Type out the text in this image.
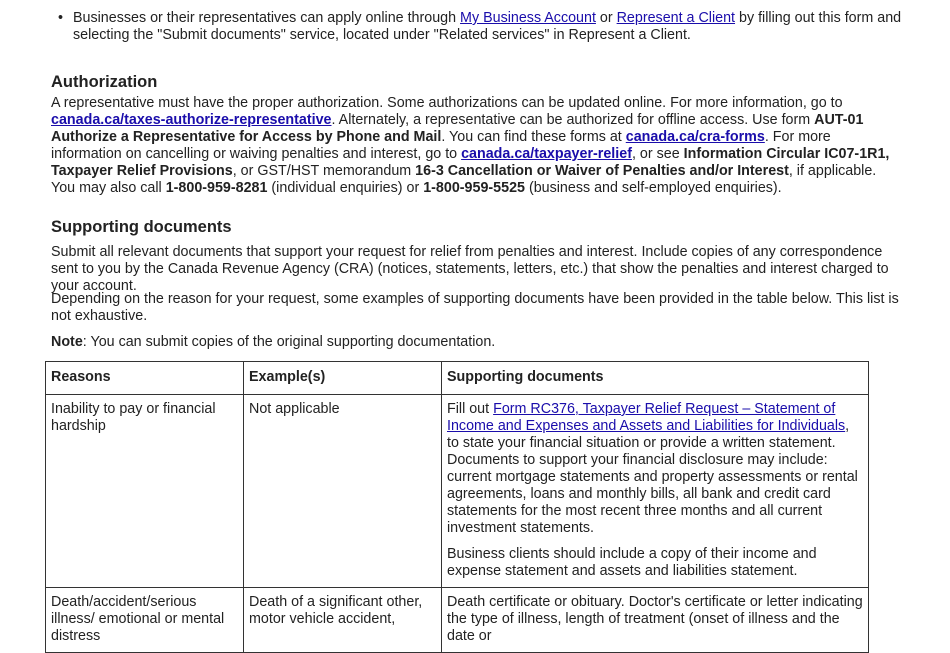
• Businesses or their representatives can apply online through My Business Account or Represent a Client by filling out this form and selecting the "Submit documents" service, located under "Related services" in Represent a Client.
Authorization

A representative must have the proper authorization. Some authorizations can be updated online. For more information, go to canada.ca/taxes-authorize-representative. Alternately, a representative can be authorized for offline access. Use form AUT-01 Authorize a Representative for Access by Phone and Mail. You can find these forms at canada.ca/cra-forms. For more information on cancelling or waiving penalties and interest, go to canada.ca/taxpayer-relief, or see Information Circular IC07-1R1, Taxpayer Relief Provisions, or GST/HST memorandum 16-3 Cancellation or Waiver of Penalties and/or Interest, if applicable. You may also call 1-800-959-8281 (individual enquiries) or 1-800-959-5525 (business and self-employed enquiries).

Supporting documents

Submit all relevant documents that support your request for relief from penalties and interest. Include copies of any correspondence sent to you by the Canada Revenue Agency (CRA) (notices, statements, letters, etc.) that show the penalties and interest charged to your account.

Depending on the reason for your request, some examples of supporting documents have been provided in the table below. This list is not exhaustive.

Note: You can submit copies of the original supporting documentation.

Reasons	Example(s)	Supporting documents
Inability to pay or financial hardship	Not applicable	Fill out Form RC376, Taxpayer Relief Request – Statement of Income and Expenses and Assets and Liabilities for Individuals, to state your financial situation or provide a written statement. Documents to support your financial disclosure may include: current mortgage statements and property assessments or rental agreements, loans and monthly bills, all bank and credit card statements for the most recent three months and all current investment statements.

Business clients should include a copy of their income and expense statement and assets and liabilities statement.

Death/accident/serious illness/ emotional or mental distress	Death of a significant other, motor vehicle accident,	Death certificate or obituary. Doctor's certificate or letter indicating the type of illness, length of treatment (onset of illness and the date or
